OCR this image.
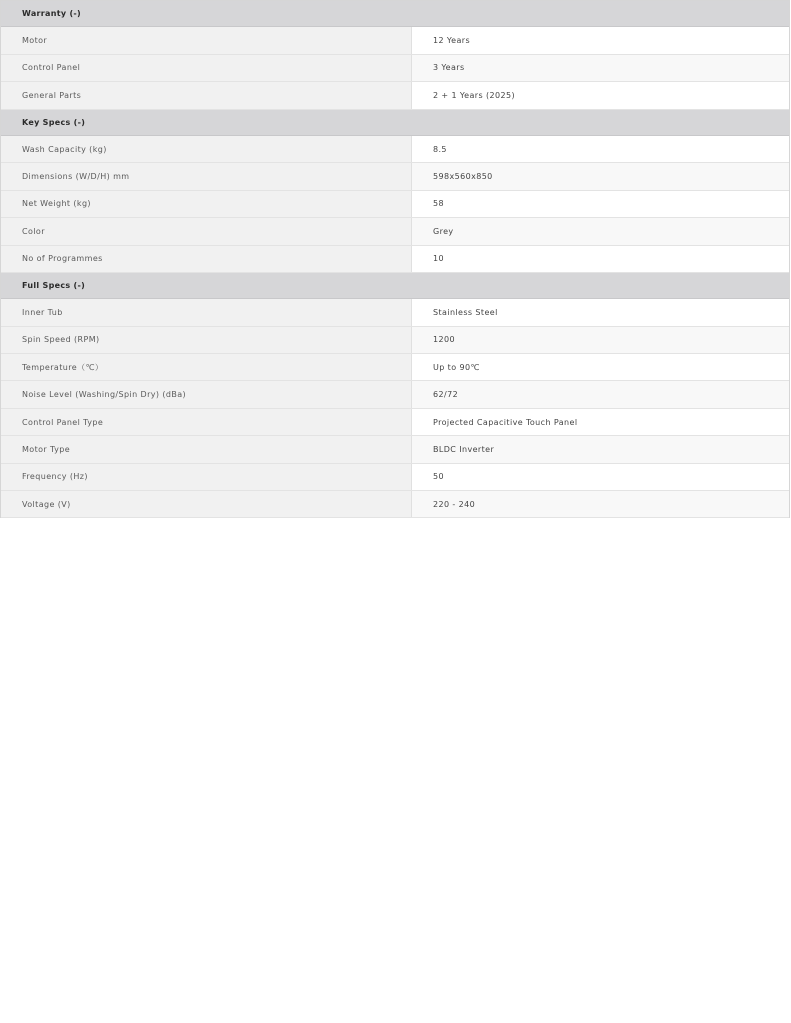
Warranty (-)
Motor	12 Years
Control Panel	3 Years
General Parts	2 + 1 Years (2025)
Key Specs (-)
Wash Capacity (kg)	8.5
Dimensions (W/D/H) mm	598x560x850
Net Weight (kg)	58
Color	Grey
No of Programmes	10
Full Specs (-)
Inner Tub	Stainless Steel
Spin Speed (RPM)	1200
Temperature（℃）	Up to 90℃
Noise Level (Washing/Spin Dry) (dBa)	62/72
Control Panel Type	Projected Capacitive Touch Panel
Motor Type	BLDC Inverter
Frequency (Hz)	50
Voltage (V)	220 - 240
